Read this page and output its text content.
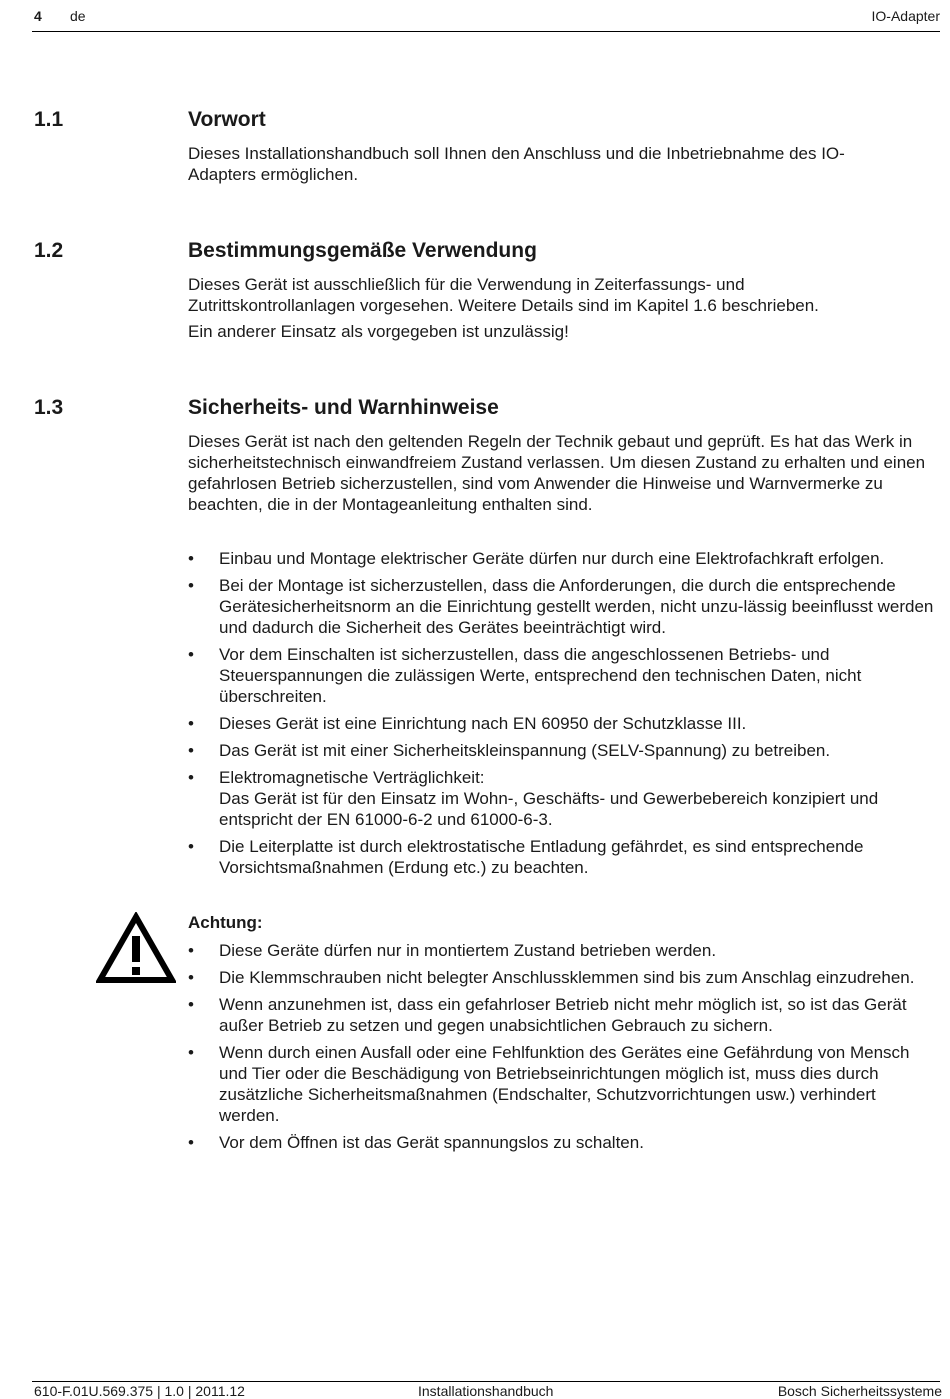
4 de	IO-Adapter
1.1	Vorwort
Dieses Installationshandbuch soll Ihnen den Anschluss und die Inbetriebnahme des IO-Adapters ermöglichen.
1.2	Bestimmungsgemäße Verwendung
Dieses Gerät ist ausschließlich für die Verwendung in Zeiterfassungs- und Zutrittskontrollanlagen vorgesehen. Weitere Details sind im Kapitel 1.6 beschrieben.
Ein anderer Einsatz als vorgegeben ist unzulässig!
1.3	Sicherheits- und Warnhinweise
Dieses Gerät ist nach den geltenden Regeln der Technik gebaut und geprüft. Es hat das Werk in sicherheitstechnisch einwandfreiem Zustand verlassen. Um diesen Zustand zu erhalten und einen gefahrlosen Betrieb sicherzustellen, sind vom Anwender die Hinweise und Warnvermerke zu beachten, die in der Montageanleitung enthalten sind.
• Einbau und Montage elektrischer Geräte dürfen nur durch eine Elektrofachkraft erfolgen.
• Bei der Montage ist sicherzustellen, dass die Anforderungen, die durch die entsprechende Gerätesicherheitsnorm an die Einrichtung gestellt werden, nicht unzu-lässig beeinflusst werden und dadurch die Sicherheit des Gerätes beeinträchtigt wird.
• Vor dem Einschalten ist sicherzustellen, dass die angeschlossenen Betriebs- und Steuerspannungen die zulässigen Werte, entsprechend den technischen Daten, nicht überschreiten.
• Dieses Gerät ist eine Einrichtung nach EN 60950 der Schutzklasse III.
• Das Gerät ist mit einer Sicherheitskleinspannung (SELV-Spannung) zu betreiben.
• Elektromagnetische Verträglichkeit:
Das Gerät ist für den Einsatz im Wohn-, Geschäfts- und Gewerbebereich konzipiert und entspricht der EN 61000-6-2 und 61000-6-3.
• Die Leiterplatte ist durch elektrostatische Entladung gefährdet, es sind entsprechende Vorsichtsmaßnahmen (Erdung etc.) zu beachten.
Achtung:
• Diese Geräte dürfen nur in montiertem Zustand betrieben werden.
• Die Klemmschrauben nicht belegter Anschlussklemmen sind bis zum Anschlag einzudrehen.
• Wenn anzunehmen ist, dass ein gefahrloser Betrieb nicht mehr möglich ist, so ist das Gerät außer Betrieb zu setzen und gegen unabsichtlichen Gebrauch zu sichern.
• Wenn durch einen Ausfall oder eine Fehlfunktion des Gerätes eine Gefährdung von Mensch und Tier oder die Beschädigung von Betriebseinrichtungen möglich ist, muss dies durch zusätzliche Sicherheitsmaßnahmen (Endschalter, Schutzvorrichtungen usw.) verhindert werden.
• Vor dem Öffnen ist das Gerät spannungslos zu schalten.
610-F.01U.569.375 | 1.0 | 2011.12	Installationshandbuch	Bosch Sicherheitssysteme
